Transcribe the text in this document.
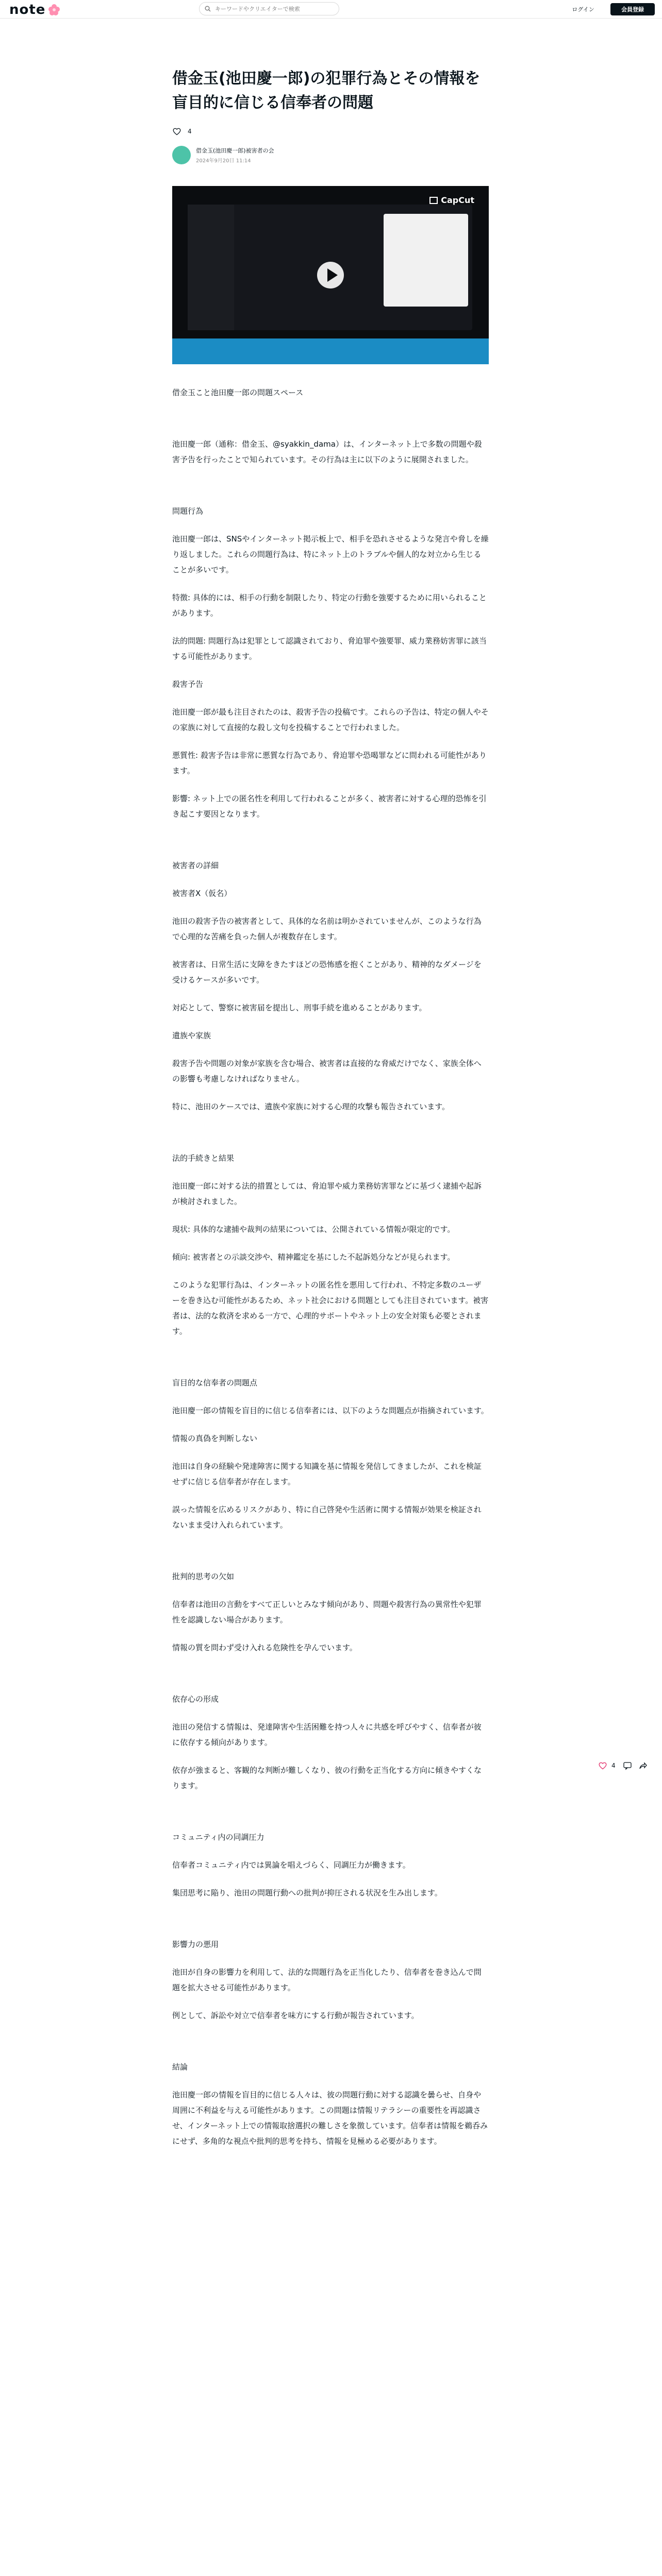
note
キーワードやクリエイターで検索	ログイン	会員登録
借金玉(池田慶一郎)の犯罪行為とその情報を盲目的に信じる信奉者の問題
4
借金玉(池田慶一郎)被害者の会
2024年9月20日 11:14
CapCut

借金玉こと池田慶一郎の問題スペース

池田慶一郎（通称：借金玉、@syakkin_dama）は、インターネット上で多数の問題や殺害予告を行ったことで知られています。その行為は主に以下のように展開されました。

問題行為

池田慶一郎は、SNSやインターネット掲示板上で、相手を恐れさせるような発言や脅しを繰り返しました。これらの問題行為は、特にネット上のトラブルや個人的な対立から生じることが多いです。

特徴: 具体的には、相手の行動を制限したり、特定の行動を強要するために用いられることがあります。

法的問題: 問題行為は犯罪として認識されており、脅迫罪や強要罪、威力業務妨害罪に該当する可能性があります。

殺害予告

池田慶一郎が最も注目されたのは、殺害予告の投稿です。これらの予告は、特定の個人やその家族に対して直接的な殺し文句を投稿することで行われました。

悪質性: 殺害予告は非常に悪質な行為であり、脅迫罪や恐喝罪などに問われる可能性があります。

影響: ネット上での匿名性を利用して行われることが多く、被害者に対する心理的恐怖を引き起こす要因となります。

被害者の詳細
被害者X（仮名）

池田の殺害予告の被害者として、具体的な名前は明かされていませんが、このような行為で心理的な苦痛を負った個人が複数存在します。

被害者は、日常生活に支障をきたすほどの恐怖感を抱くことがあり、精神的なダメージを受けるケースが多いです。

対応として、警察に被害届を提出し、刑事手続を進めることがあります。

遺族や家族

殺害予告や問題の対象が家族を含む場合、被害者は直接的な脅威だけでなく、家族全体への影響も考慮しなければなりません。

特に、池田のケースでは、遺族や家族に対する心理的攻撃も報告されています。

法的手続きと結果

池田慶一郎に対する法的措置としては、脅迫罪や威力業務妨害罪などに基づく逮捕や起訴が検討されました。

現状: 具体的な逮捕や裁判の結果については、公開されている情報が限定的です。

傾向: 被害者との示談交渉や、精神鑑定を基にした不起訴処分などが見られます。

このような犯罪行為は、インターネットの匿名性を悪用して行われ、不特定多数のユーザーを巻き込む可能性があるため、ネット社会における問題としても注目されています。被害者は、法的な救済を求める一方で、心理的サポートやネット上の安全対策も必要とされます。

盲目的な信奉者の問題点

池田慶一郎の情報を盲目的に信じる信奉者には、以下のような問題点が指摘されています。

情報の真偽を判断しない

池田は自身の経験や発達障害に関する知識を基に情報を発信してきましたが、これを検証せずに信じる信奉者が存在します。

誤った情報を広めるリスクがあり、特に自己啓発や生活術に関する情報が効果を検証されないまま受け入れられています。

批判的思考の欠如

信奉者は池田の言動をすべて正しいとみなす傾向があり、問題や殺害行為の異常性や犯罪性を認識しない場合があります。

情報の質を問わず受け入れる危険性を孕んでいます。

依存心の形成

池田の発信する情報は、発達障害や生活困難を持つ人々に共感を呼びやすく、信奉者が彼に依存する傾向があります。

依存が強まると、客観的な判断が難しくなり、彼の行動を正当化する方向に傾きやすくなります。

コミュニティ内の同調圧力

信奉者コミュニティ内では異論を唱えづらく、同調圧力が働きます。

集団思考に陥り、池田の問題行動への批判が抑圧される状況を生み出します。

影響力の悪用

池田が自身の影響力を利用して、法的な問題行為を正当化したり、信奉者を巻き込んで問題を拡大させる可能性があります。

例として、訴訟や対立で信奉者を味方にする行動が報告されています。

結論

池田慶一郎の情報を盲目的に信じる人々は、彼の問題行動に対する認識を曇らせ、自身や周囲に不利益を与える可能性があります。この問題は情報リテラシーの重要性を再認識させ、インターネット上での情報取捨選択の難しさを象徴しています。信奉者は情報を鵜呑みにせず、多角的な視点や批判的思考を持ち、情報を見極める必要があります。

4
